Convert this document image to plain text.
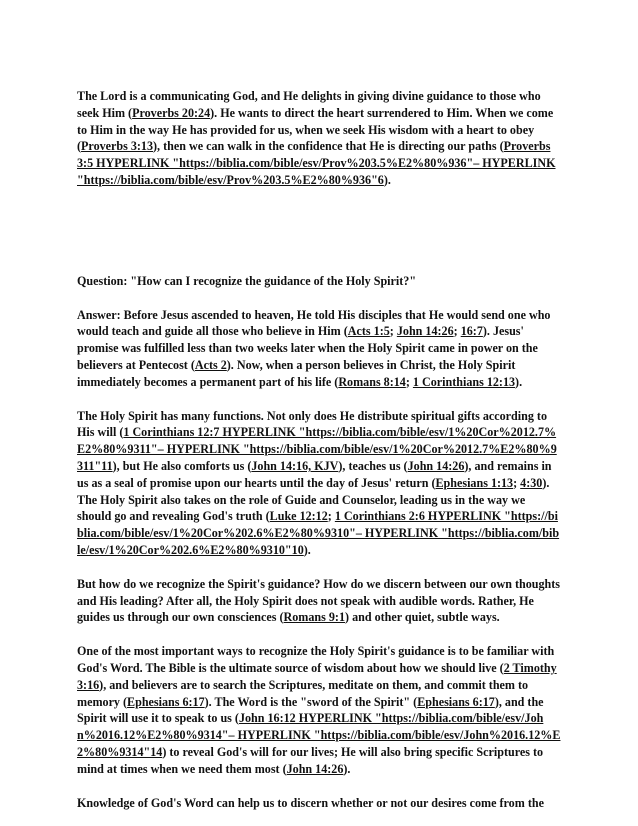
The Lord is a communicating God, and He delights in giving divine guidance to those who seek Him (Proverbs 20:24). He wants to direct the heart surrendered to Him. When we come to Him in the way He has provided for us, when we seek His wisdom with a heart to obey (Proverbs 3:13), then we can walk in the confidence that He is directing our paths (Proverbs 3:5 HYPERLINK "https://biblia.com/bible/esv/Prov%203.5%E2%80%936"– HYPERLINK "https://biblia.com/bible/esv/Prov%203.5%E2%80%936"6).

Question: "How can I recognize the guidance of the Holy Spirit?"

Answer: Before Jesus ascended to heaven, He told His disciples that He would send one who would teach and guide all those who believe in Him (Acts 1:5; John 14:26; 16:7). Jesus' promise was fulfilled less than two weeks later when the Holy Spirit came in power on the believers at Pentecost (Acts 2). Now, when a person believes in Christ, the Holy Spirit immediately becomes a permanent part of his life (Romans 8:14; 1 Corinthians 12:13).

The Holy Spirit has many functions. Not only does He distribute spiritual gifts according to His will (1 Corinthians 12:7 HYPERLINK "https://biblia.com/bible/esv/1%20Cor%2012.7%E2%80%9311"– HYPERLINK "https://biblia.com/bible/esv/1%20Cor%2012.7%E2%80%9311"11), but He also comforts us (John 14:16, KJV), teaches us (John 14:26), and remains in us as a seal of promise upon our hearts until the day of Jesus' return (Ephesians 1:13; 4:30). The Holy Spirit also takes on the role of Guide and Counselor, leading us in the way we should go and revealing God's truth (Luke 12:12; 1 Corinthians 2:6 HYPERLINK "https://biblia.com/bible/esv/1%20Cor%202.6%E2%80%9310"– HYPERLINK "https://biblia.com/bible/esv/1%20Cor%202.6%E2%80%9310"10).

But how do we recognize the Spirit's guidance? How do we discern between our own thoughts and His leading? After all, the Holy Spirit does not speak with audible words. Rather, He guides us through our own consciences (Romans 9:1) and other quiet, subtle ways.

One of the most important ways to recognize the Holy Spirit's guidance is to be familiar with God's Word. The Bible is the ultimate source of wisdom about how we should live (2 Timothy 3:16), and believers are to search the Scriptures, meditate on them, and commit them to memory (Ephesians 6:17). The Word is the "sword of the Spirit" (Ephesians 6:17), and the Spirit will use it to speak to us (John 16:12 HYPERLINK "https://biblia.com/bible/esv/John%2016.12%E2%80%9314"– HYPERLINK "https://biblia.com/bible/esv/John%2016.12%E2%80%9314"14) to reveal God's will for our lives; He will also bring specific Scriptures to mind at times when we need them most (John 14:26).

Knowledge of God's Word can help us to discern whether or not our desires come from the
